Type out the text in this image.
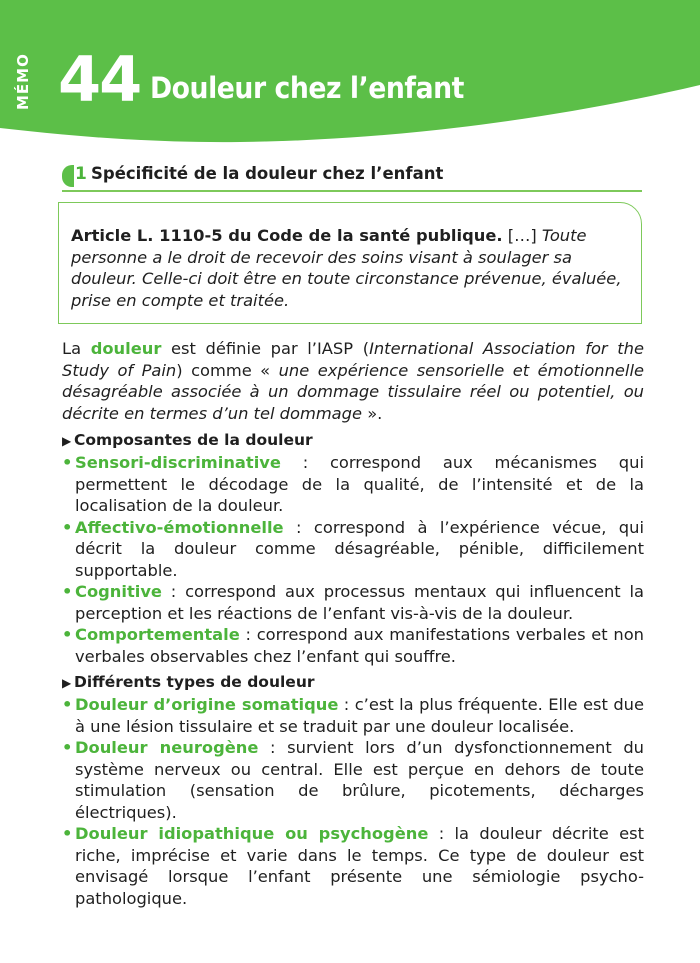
MÉMO 44 Douleur chez l’enfant
1 Spécificité de la douleur chez l’enfant
Article L. 1110-5 du Code de la santé publique. […] Toute personne a le droit de recevoir des soins visant à soulager sa douleur. Celle-ci doit être en toute circonstance prévenue, évaluée, prise en compte et traitée.
La douleur est définie par l’IASP (International Association for the Study of Pain) comme « une expérience sensorielle et émotionnelle désagréable associée à un dommage tissulaire réel ou potentiel, ou décrite en termes d’un tel dommage ».
▶ Composantes de la douleur
• Sensori-discriminative : correspond aux mécanismes qui permettent le décodage de la qualité, de l’intensité et de la localisation de la douleur.
• Affectivo-émotionnelle : correspond à l’expérience vécue, qui décrit la douleur comme désagréable, pénible, difficilement supportable.
• Cognitive : correspond aux processus mentaux qui influencent la perception et les réactions de l’enfant vis-à-vis de la douleur.
• Comportementale : correspond aux manifestations verbales et non verbales observables chez l’enfant qui souffre.
▶ Différents types de douleur
• Douleur d’origine somatique : c’est la plus fréquente. Elle est due à une lésion tissulaire et se traduit par une douleur localisée.
• Douleur neurogène : survient lors d’un dysfonctionnement du système nerveux ou central. Elle est perçue en dehors de toute stimulation (sensation de brûlure, picotements, décharges électriques).
• Douleur idiopathique ou psychogène : la douleur décrite est riche, imprécise et varie dans le temps. Ce type de douleur est envisagé lorsque l’enfant présente une sémiologie psycho-pathologique.
